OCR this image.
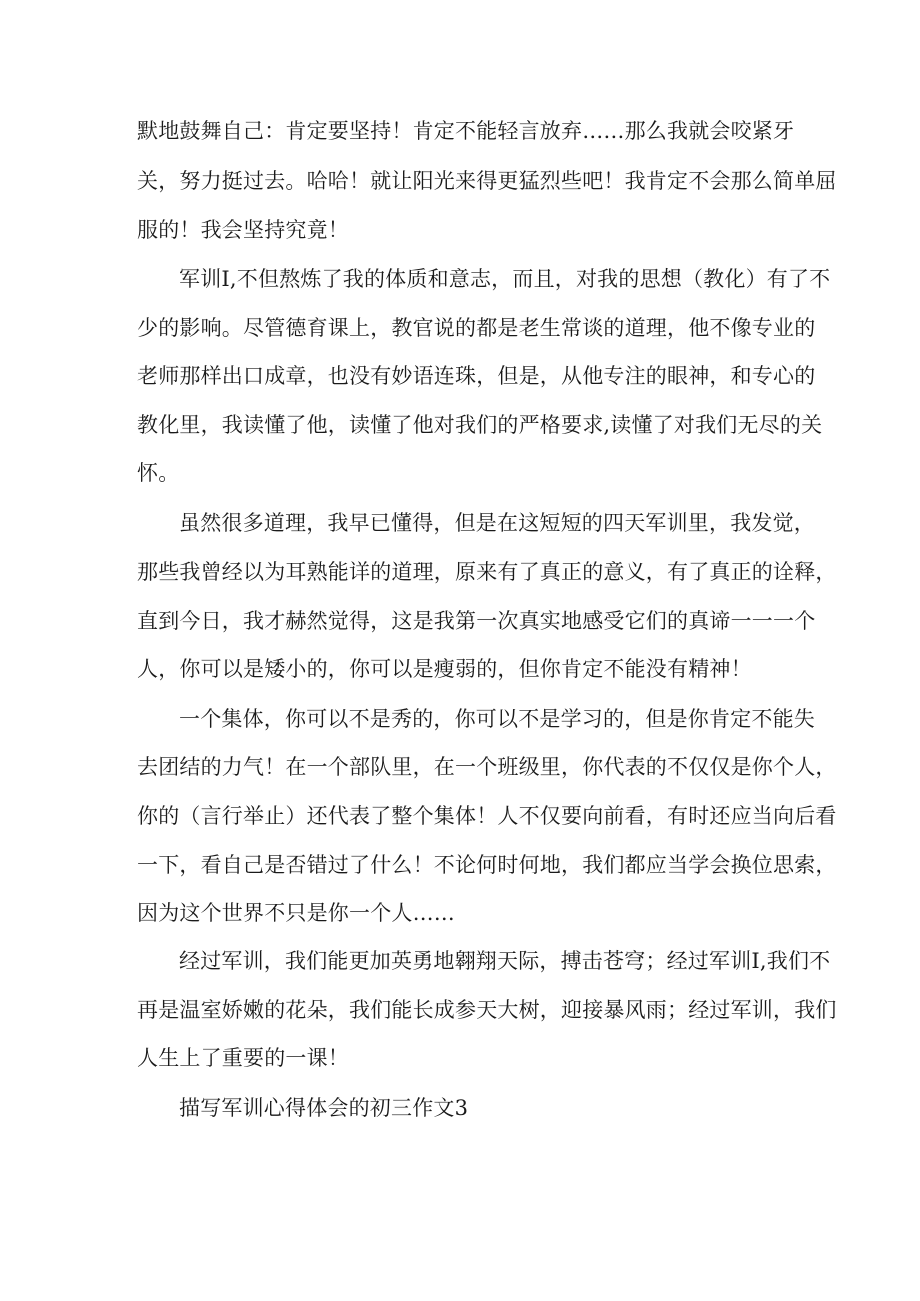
默地鼓舞自己：肯定要坚持！肯定不能轻言放弃……那么我就会咬紧牙
关，努力挺过去。哈哈！就让阳光来得更猛烈些吧！我肯定不会那么简单屈
服的！我会坚持究竟！
军训I,不但熬炼了我的体质和意志，而且，对我的思想（教化）有了不
少的影响。尽管德育课上，教官说的都是老生常谈的道理，他不像专业的
老师那样出口成章，也没有妙语连珠，但是，从他专注的眼神，和专心的
教化里，我读懂了他，读懂了他对我们的严格要求,读懂了对我们无尽的关
怀。
虽然很多道理，我早已懂得，但是在这短短的四天军训里，我发觉，
那些我曾经以为耳熟能详的道理，原来有了真正的意义，有了真正的诠释，
直到今日，我才赫然觉得，这是我第一次真实地感受它们的真谛一一一个
人，你可以是矮小的，你可以是瘦弱的，但你肯定不能没有精神！
一个集体，你可以不是秀的，你可以不是学习的，但是你肯定不能失
去团结的力气！在一个部队里，在一个班级里，你代表的不仅仅是你个人，
你的（言行举止）还代表了整个集体！人不仅要向前看，有时还应当向后看
一下，看自己是否错过了什么！不论何时何地，我们都应当学会换位思索，
因为这个世界不只是你一个人……
经过军训，我们能更加英勇地翱翔天际，搏击苍穹；经过军训I,我们不
再是温室娇嫩的花朵，我们能长成参天大树，迎接暴风雨；经过军训，我们
人生上了重要的一课！
描写军训心得体会的初三作文3
